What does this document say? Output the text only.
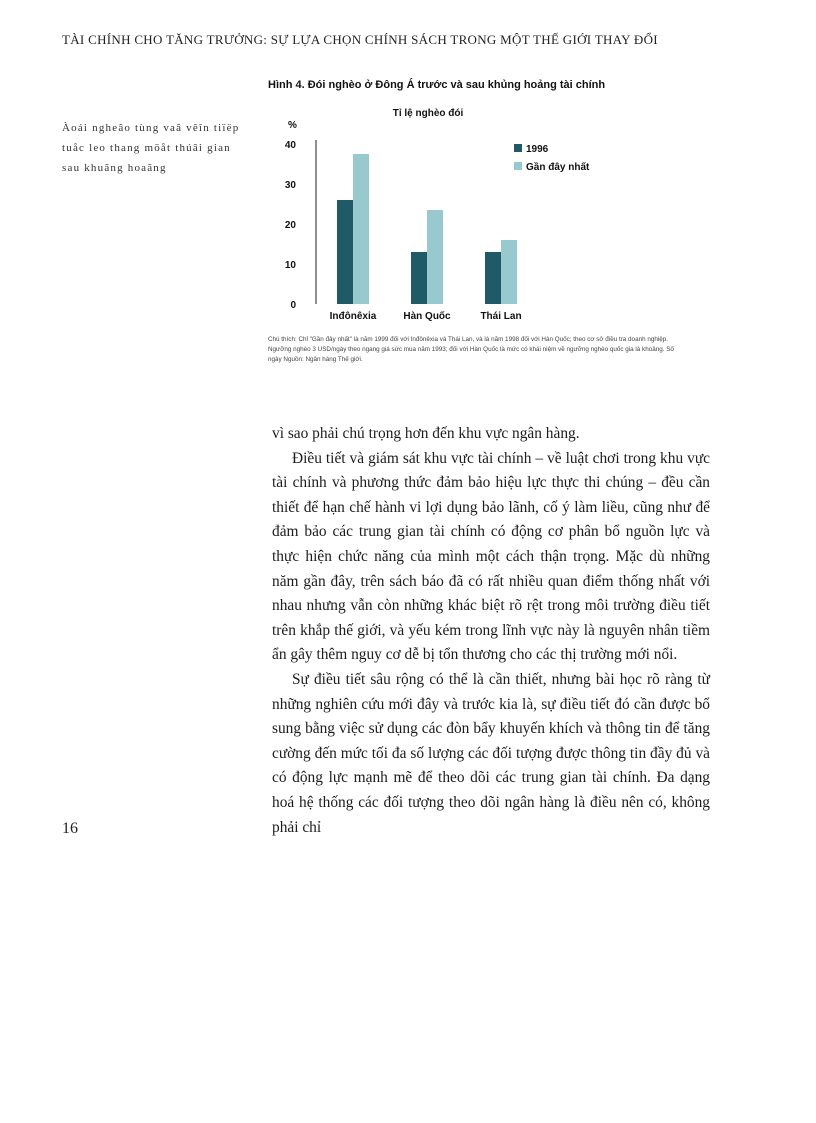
TÀI CHÍNH CHO TĂNG TRƯỞNG: SỰ LỰA CHỌN CHÍNH SÁCH TRONG MỘT THẾ GIỚI THAY ĐỔI
Àoái ngheâo tùng vaâ vêîn tiïëp
tuåc leo thang möåt thúâi gian
sau khuãng hoaãng
Hình 4. Đói nghèo ở Đông Á trước và sau khủng hoảng tài chính
Tỉ lệ nghèo đói
%
0
10
20
30
40
Inđônêxia	Hàn Quốc	Thái Lan
1996
Gần đây nhất
Chú thích: Chỉ "Gần đây nhất" là năm 1999 đối với Inđônêxia và Thái Lan, và là năm 1998 đối với Hàn Quốc; theo cơ sở điều tra doanh nghiệp. Ngưỡng nghèo 3 USD/ngày theo ngang giá sức mua năm 1993; đối với Hàn Quốc là mức có khái niệm về ngưỡng nghèo quốc gia là khoảng. Số ngày Nguồn: Ngân hàng Thế giới.

vì sao phải chú trọng hơn đến khu vực ngân hàng.

Điều tiết và giám sát khu vực tài chính – về luật chơi trong khu vực tài chính và phương thức đảm bảo hiệu lực thực thi chúng – đều cần thiết để hạn chế hành vi lợi dụng bảo lãnh, cố ý làm liều, cũng như để đảm bảo các trung gian tài chính có động cơ phân bổ nguồn lực và thực hiện chức năng của mình một cách thận trọng. Mặc dù những năm gần đây, trên sách báo đã có rất nhiều quan điểm thống nhất với nhau nhưng vẫn còn những khác biệt rõ rệt trong môi trường điều tiết trên khắp thế giới, và yếu kém trong lĩnh vực này là nguyên nhân tiềm ẩn gây thêm nguy cơ dễ bị tổn thương cho các thị trường mới nổi.

Sự điều tiết sâu rộng có thể là cần thiết, nhưng bài học rõ ràng từ những nghiên cứu mới đây và trước kia là, sự điều tiết đó cần được bổ sung bằng việc sử dụng các đòn bẩy khuyến khích và thông tin để tăng cường đến mức tối đa số lượng các đối tượng được thông tin đầy đủ và có động lực mạnh mẽ để theo dõi các trung gian tài chính. Đa dạng hoá hệ thống các đối tượng theo dõi ngân hàng là điều nên có, không phải chỉ

16
